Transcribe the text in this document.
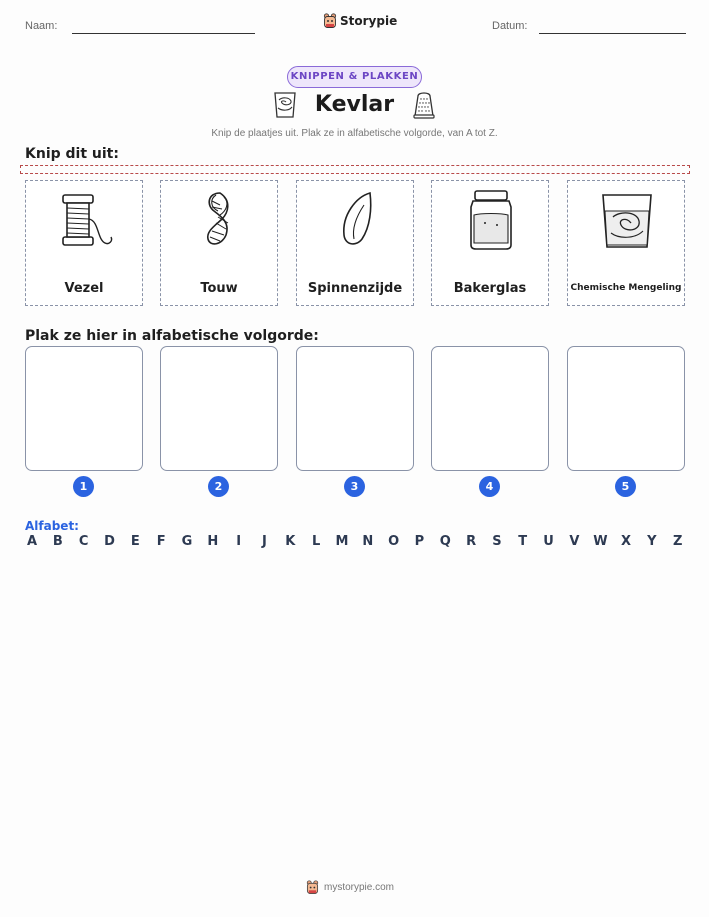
Naam:	Storypie	Datum:
KNIPPEN & PLAKKEN
Kevlar
Knip de plaatjes uit. Plak ze in alfabetische volgorde, van A tot Z.
Knip dit uit:
Vezel	Touw	Spinnenzijde	Bakerglas	Chemische Mengeling
Plak ze hier in alfabetische volgorde:
1	2	3	4	5
Alfabet:
A B C D E F G H	I	J	K L M N O P Q R S T U V W X Y Z
mystorypie.com
